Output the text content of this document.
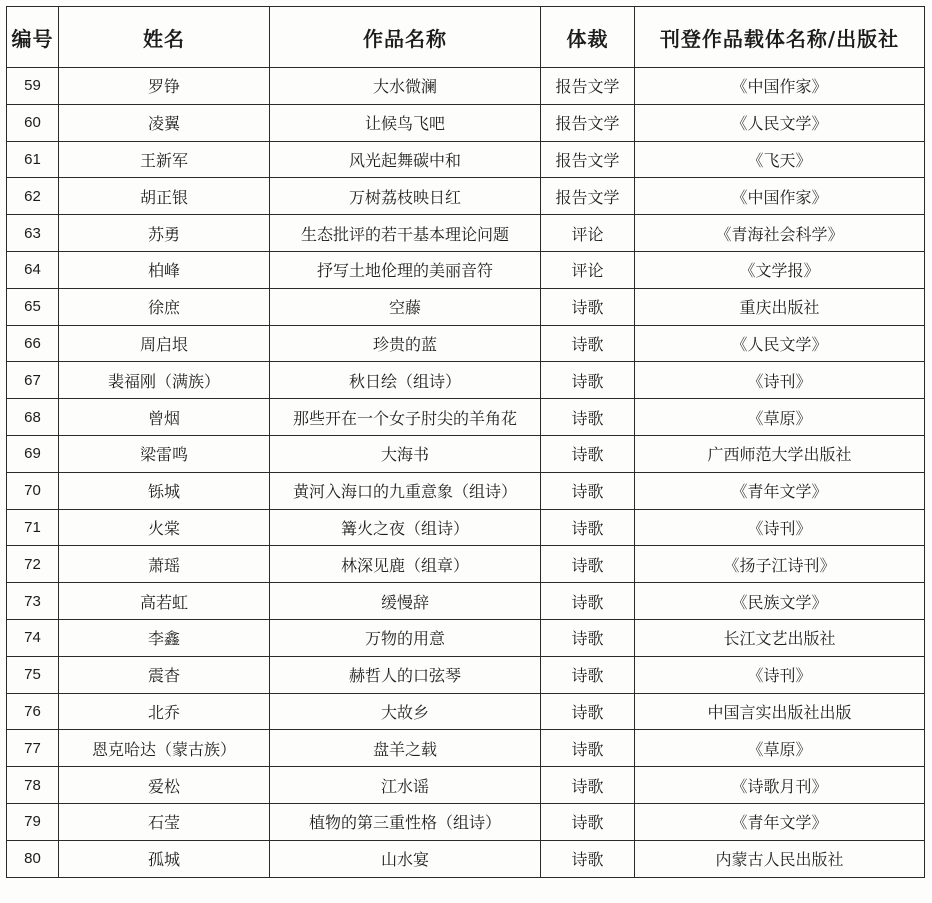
编号	姓名	作品名称	体裁	刊登作品载体名称/出版社
59	罗铮	大水微澜	报告文学	《中国作家》
60	凌翼	让候鸟飞吧	报告文学	《人民文学》
61	王新军	风光起舞碳中和	报告文学	《飞天》
62	胡正银	万树荔枝映日红	报告文学	《中国作家》
63	苏勇	生态批评的若干基本理论问题	评论	《青海社会科学》
64	柏峰	抒写土地伦理的美丽音符	评论	《文学报》
65	徐庶	空藤	诗歌	重庆出版社
66	周启垠	珍贵的蓝	诗歌	《人民文学》
67	裴福刚（满族）	秋日绘（组诗）	诗歌	《诗刊》
68	曾烟	那些开在一个女子肘尖的羊角花	诗歌	《草原》
69	梁雷鸣	大海书	诗歌	广西师范大学出版社
70	铄城	黄河入海口的九重意象（组诗）	诗歌	《青年文学》
71	火棠	篝火之夜（组诗）	诗歌	《诗刊》
72	萧瑶	林深见鹿（组章）	诗歌	《扬子江诗刊》
73	高若虹	缓慢辞	诗歌	《民族文学》
74	李鑫	万物的用意	诗歌	长江文艺出版社
75	震杳	赫哲人的口弦琴	诗歌	《诗刊》
76	北乔	大故乡	诗歌	中国言实出版社出版
77	恩克哈达（蒙古族）	盘羊之载	诗歌	《草原》
78	爱松	江水谣	诗歌	《诗歌月刊》
79	石莹	植物的第三重性格（组诗）	诗歌	《青年文学》
80	孤城	山水宴	诗歌	内蒙古人民出版社
